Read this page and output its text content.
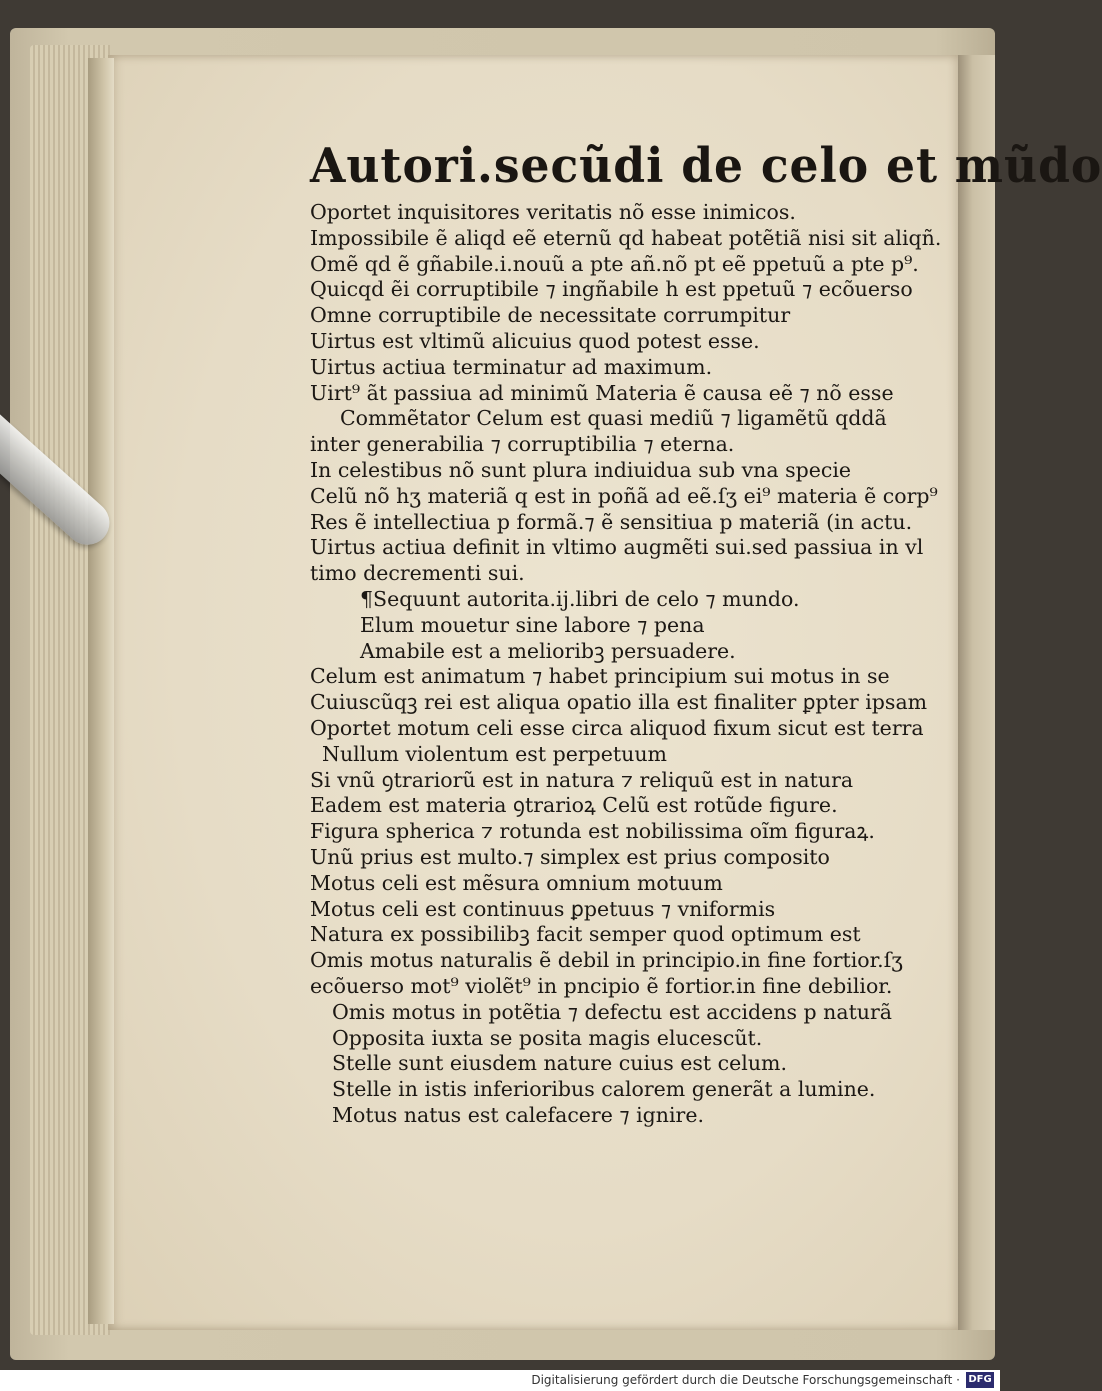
Autori.secũdi de celo et mũdo
Oportet inquisitores veritatis nõ esse inimicos.
Impossibile ẽ aliqd eẽ eternũ qd habeat potẽtiã nisi sit aliqñ.
Omẽ qd ẽ gñabile.i.nouũ a pte añ.nõ pt eẽ ppetuũ a pte p⁹.
Quicqd ẽi corruptibile ⁊ ingñabile h est ppetuũ ⁊ ecõuerso
Omne corruptibile de necessitate corrumpitur
Uirtus est vltimũ alicuius quod potest esse.
Uirtus actiua terminatur ad maximum.
Uirt⁹ ãt passiua ad minimũ Materia ẽ causa eẽ ⁊ nõ esse
Commẽtator Celum est quasi mediũ ⁊ ligamẽtũ qddã
inter generabilia ⁊ corruptibilia ⁊ eterna.
In celestibus nõ sunt plura indiuidua sub vna specie
Celũ nõ hʒ materiã q est in poñã ad eẽ.ſʒ ei⁹ materia ẽ corp⁹
Res ẽ intellectiua p formã.⁊ ẽ sensitiua p materiã (in actu.
Uirtus actiua definit in vltimo augmẽti sui.sed passiua in vl
timo decrementi sui.
¶Sequunt autorita.ij.libri de celo ⁊ mundo.
Elum mouetur sine labore ⁊ pena
Amabile est a melioribꝫ persuadere.
Celum est animatum ⁊ habet principium sui motus in se
Cuiuscũqꝫ rei est aliqua opatio illa est finaliter ꝑpter ipsam
Oportet motum celi esse circa aliquod fixum sicut est terra
Nullum violentum est perpetuum
Si vnũ ꝯtrariorũ est in natura ⁊ reliquũ est in natura
Eadem est materia ꝯtrarioꝝ Celũ est rotũde figure.
Figura spherica ⁊ rotunda est nobilissima oĩm figuraꝝ.
Unũ prius est multo.⁊ simplex est prius composito
Motus celi est mẽsura omnium motuum
Motus celi est continuus ꝑpetuus ⁊ vniformis
Natura ex possibilibꝫ facit semper quod optimum est
Omis motus naturalis ẽ debil in principio.in fine fortior.ſʒ
ecõuerso mot⁹ violẽt⁹ in pncipio ẽ fortior.in fine debilior.
Omis motus in potẽtia ⁊ defectu est accidens p naturã
Opposita iuxta se posita magis elucescũt.
Stelle sunt eiusdem nature cuius est celum.
Stelle in istis inferioribus calorem generãt a lumine.
Motus natus est calefacere ⁊ ignire.
Digitalisierung gefördert durch die Deutsche Forschungsgemeinschaft · DFG
